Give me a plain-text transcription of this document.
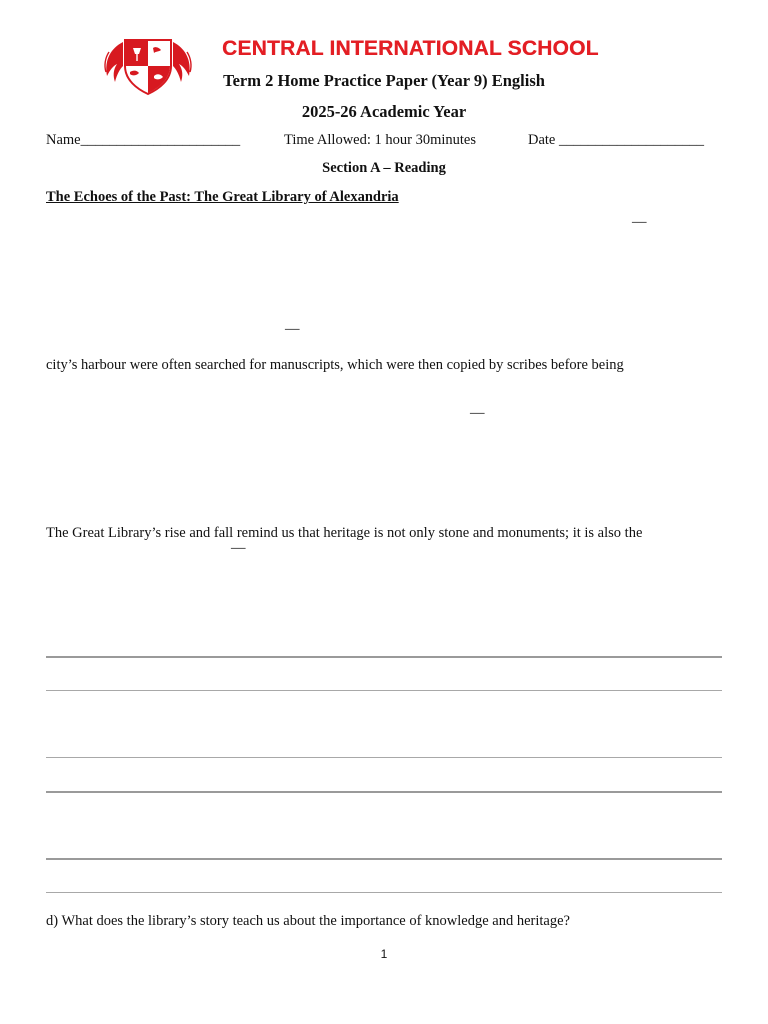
CENTRAL INTERNATIONAL SCHOOL
Term 2 Home Practice Paper (Year 9) English
2025-26 Academic Year
Name______________________	Time Allowed: 1 hour 30minutes	Date ____________________
Section A – Reading
The Echoes of the Past: The Great Library of Alexandria
—
—
city’s harbour were often searched for manuscripts, which were then copied by scribes before being
—
The Great Library’s rise and fall remind us that heritage is not only stone and monuments; it is also the
—
d) What does the library’s story teach us about the importance of knowledge and heritage?
1
